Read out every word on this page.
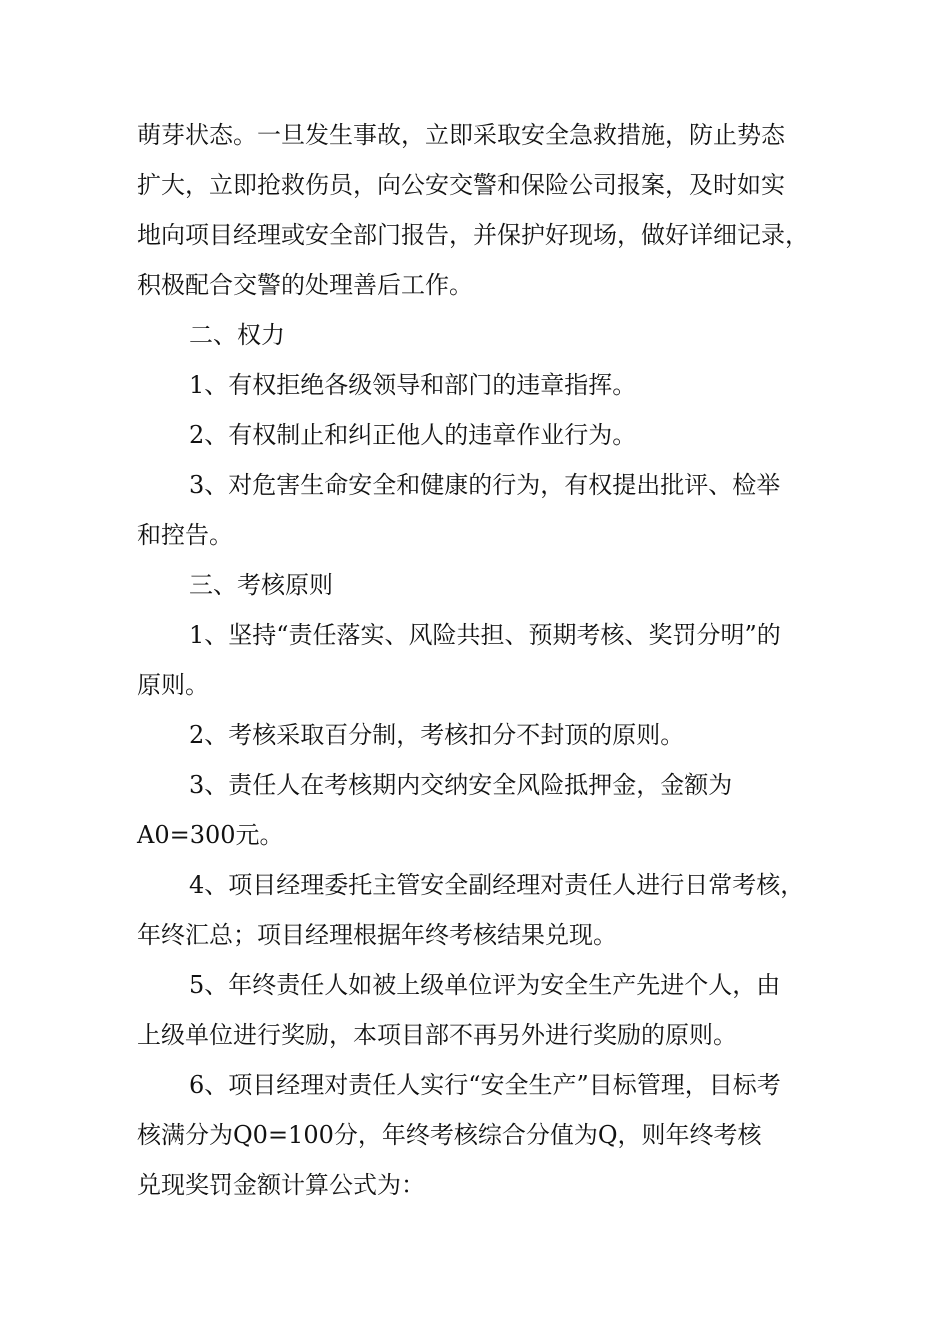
萌芽状态。一旦发生事故，立即采取安全急救措施，防止势态
扩大，立即抢救伤员，向公安交警和保险公司报案，及时如实
地向项目经理或安全部门报告，并保护好现场，做好详细记录，
积极配合交警的处理善后工作。

二、权力

1、有权拒绝各级领导和部门的违章指挥。

2、有权制止和纠正他人的违章作业行为。

3、对危害生命安全和健康的行为，有权提出批评、检举
和控告。

三、考核原则

1、坚持“责任落实、风险共担、预期考核、奖罚分明”的
原则。

2、考核采取百分制，考核扣分不封顶的原则。

3、责任人在考核期内交纳安全风险抵押金，金额为
A0=300元。

4、项目经理委托主管安全副经理对责任人进行日常考核，
年终汇总；项目经理根据年终考核结果兑现。

5、年终责任人如被上级单位评为安全生产先进个人，由
上级单位进行奖励，本项目部不再另外进行奖励的原则。

6、项目经理对责任人实行“安全生产”目标管理，目标考
核满分为Q0=100分，年终考核综合分值为Q，则年终考核
兑现奖罚金额计算公式为：
